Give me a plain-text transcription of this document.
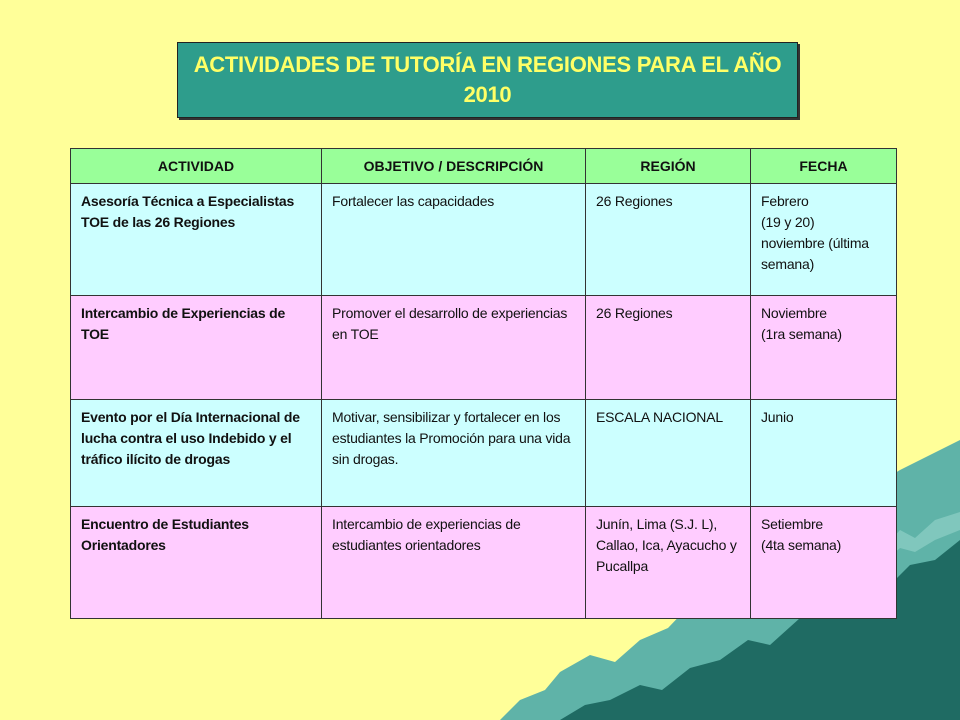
ACTIVIDADES DE TUTORÍA EN REGIONES PARA EL AÑO
2010
ACTIVIDAD	OBJETIVO / DESCRIPCIÓN	REGIÓN	FECHA
Asesoría Técnica a Especialistas TOE de las 26 Regiones	Fortalecer las capacidades	26 Regiones	Febrero
(19 y 20)
noviembre (última semana)

Intercambio de Experiencias de TOE	Promover el desarrollo de experiencias en TOE	26 Regiones	Noviembre
(1ra semana)

Evento por el Día Internacional de lucha contra el uso Indebido y el tráfico ilícito de drogas	Motivar, sensibilizar y fortalecer en los estudiantes la Promoción para una vida sin drogas.	ESCALA NACIONAL	Junio

Encuentro de Estudiantes Orientadores	Intercambio de experiencias de estudiantes orientadores	Junín, Lima (S.J. L), Callao, Ica, Ayacucho y Pucallpa	Setiembre
(4ta semana)
